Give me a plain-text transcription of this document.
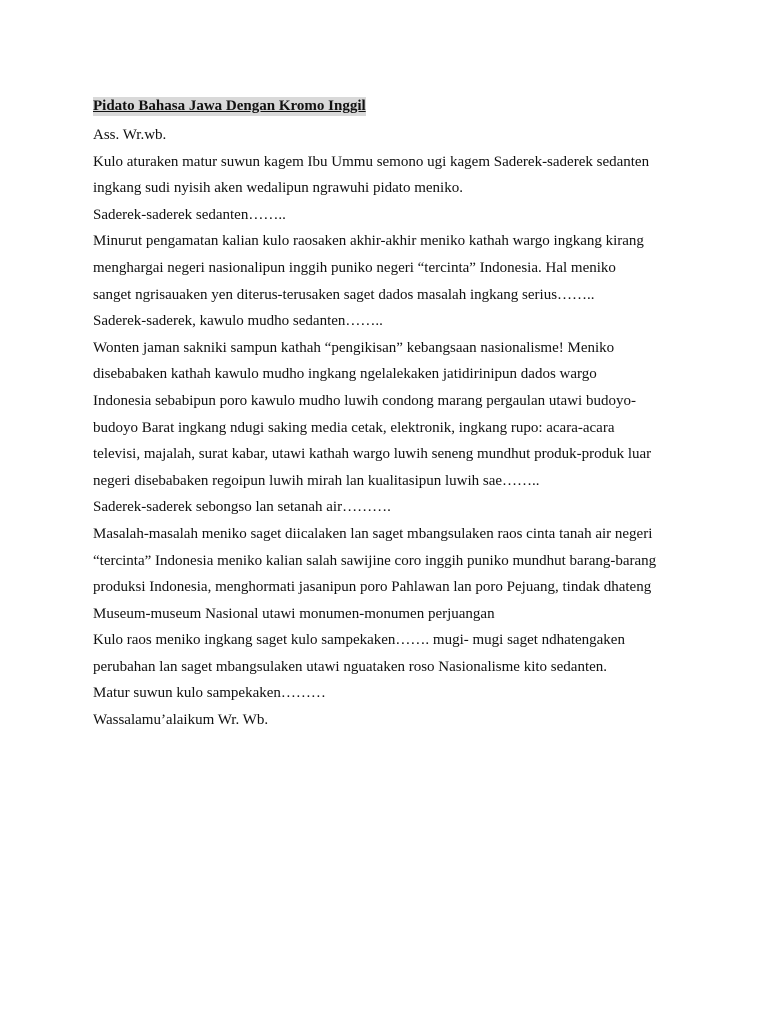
Pidato Bahasa Jawa Dengan Kromo Inggil
Ass. Wr.wb.
Kulo aturaken matur suwun kagem Ibu Ummu semono ugi kagem Saderek-saderek sedanten
ingkang sudi nyisih aken wedalipun ngrawuhi pidato meniko.
Saderek-saderek sedanten……..
Minurut pengamatan kalian kulo raosaken akhir-akhir meniko kathah wargo ingkang kirang
menghargai negeri nasionalipun inggih puniko negeri “tercinta” Indonesia. Hal meniko
sanget ngrisauaken yen diterus-terusaken saget dados masalah ingkang serius……..
Saderek-saderek, kawulo mudho sedanten……..
Wonten jaman sakniki sampun kathah “pengikisan” kebangsaan nasionalisme! Meniko
disebabaken kathah kawulo mudho ingkang ngelalekaken jatidirinipun dados wargo
Indonesia sebabipun poro kawulo mudho luwih condong marang pergaulan utawi budoyo-
budoyo Barat ingkang ndugi saking media cetak, elektronik, ingkang rupo: acara-acara
televisi, majalah, surat kabar, utawi kathah wargo luwih seneng mundhut produk-produk luar
negeri disebabaken regoipun luwih mirah lan kualitasipun luwih sae……..
Saderek-saderek sebongso lan setanah air……….
Masalah-masalah meniko saget diicalaken lan saget mbangsulaken raos cinta tanah air negeri
“tercinta” Indonesia meniko kalian salah sawijine coro inggih puniko mundhut barang-barang
produksi Indonesia, menghormati jasanipun poro Pahlawan lan poro Pejuang, tindak dhateng
Museum-museum Nasional utawi monumen-monumen perjuangan
Kulo raos meniko ingkang saget kulo sampekaken……. mugi- mugi saget ndhatengaken
perubahan lan saget mbangsulaken utawi nguataken roso Nasionalisme kito sedanten.
Matur suwun kulo sampekaken………
Wassalamu’alaikum Wr. Wb.
